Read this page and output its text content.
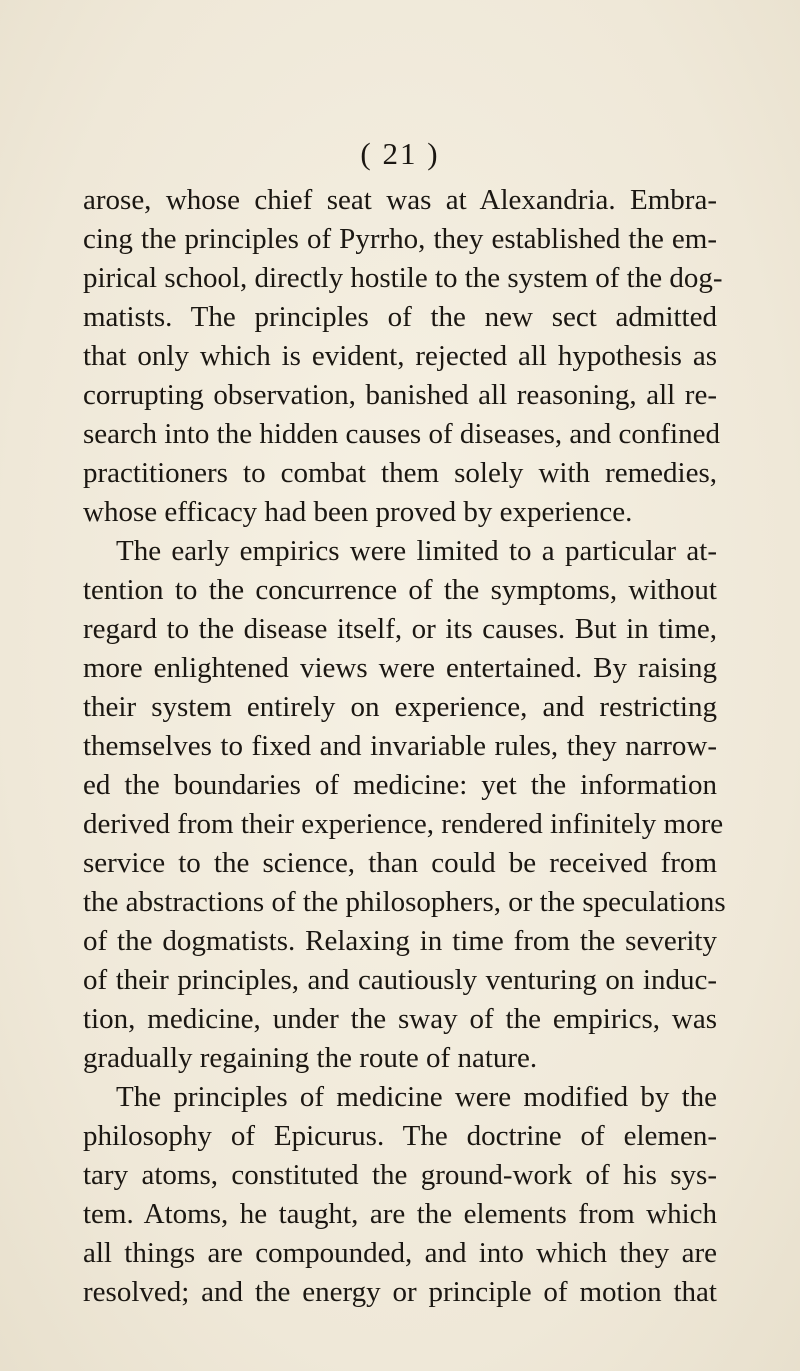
( 21 )
arose, whose chief seat was at Alexandria. Embra-
cing the principles of Pyrrho, they established the em-
pirical school, directly hostile to the system of the dog-
matists. The principles of the new sect admitted
that only which is evident, rejected all hypothesis as
corrupting observation, banished all reasoning, all re-
search into the hidden causes of diseases, and confined
practitioners to combat them solely with remedies,
whose efficacy had been proved by experience.
The early empirics were limited to a particular at-
tention to the concurrence of the symptoms, without
regard to the disease itself, or its causes. But in time,
more enlightened views were entertained. By raising
their system entirely on experience, and restricting
themselves to fixed and invariable rules, they narrow-
ed the boundaries of medicine: yet the information
derived from their experience, rendered infinitely more
service to the science, than could be received from
the abstractions of the philosophers, or the speculations
of the dogmatists. Relaxing in time from the severity
of their principles, and cautiously venturing on induc-
tion, medicine, under the sway of the empirics, was
gradually regaining the route of nature.
The principles of medicine were modified by the
philosophy of Epicurus. The doctrine of elemen-
tary atoms, constituted the ground-work of his sys-
tem. Atoms, he taught, are the elements from which
all things are compounded, and into which they are
resolved; and the energy or principle of motion that
